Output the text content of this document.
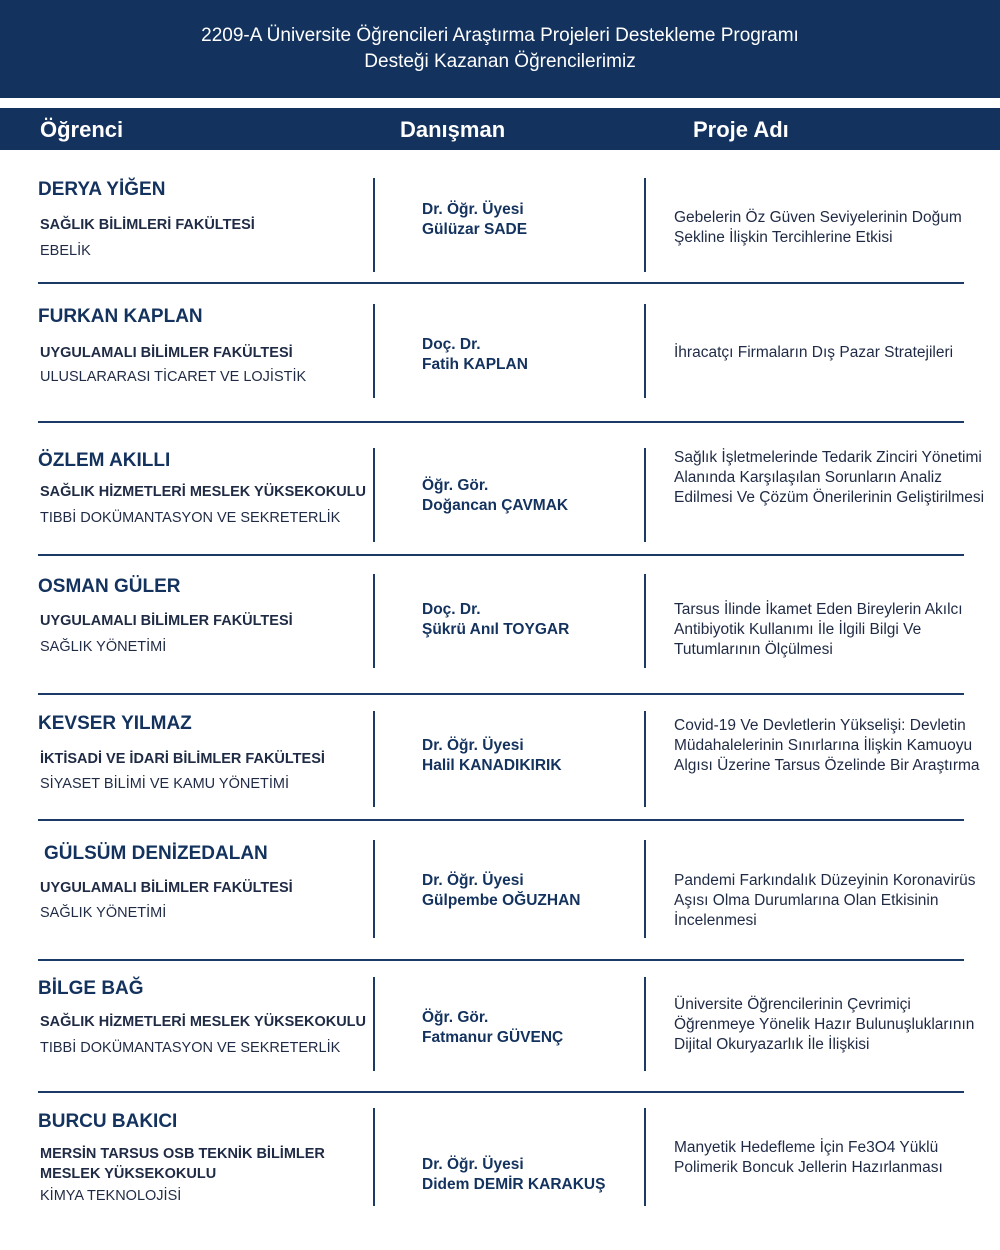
2209-A Üniversite Öğrencileri Araştırma Projeleri Destekleme Programı
Desteği Kazanan Öğrencilerimiz
Öğrenci	Danışman	Proje Adı
DERYA YİĞEN
SAĞLIK BİLİMLERİ FAKÜLTESİ
EBELİK
Dr. Öğr. Üyesi
Gülüzar SADE
Gebelerin Öz Güven Seviyelerinin Doğum Şekline İlişkin Tercihlerine Etkisi
FURKAN KAPLAN
UYGULAMALI BİLİMLER FAKÜLTESİ
ULUSLARARASI TİCARET VE LOJİSTİK
Doç. Dr.
Fatih KAPLAN
İhracatçı Firmaların Dış Pazar Stratejileri
ÖZLEM AKILLI
SAĞLIK HİZMETLERİ MESLEK YÜKSEKOKULU
TIBBİ DOKÜMANTASYON VE SEKRETERLİK
Öğr. Gör.
Doğancan ÇAVMAK
Sağlık İşletmelerinde Tedarik Zinciri Yönetimi Alanında Karşılaşılan Sorunların Analiz Edilmesi Ve Çözüm Önerilerinin Geliştirilmesi
OSMAN GÜLER
UYGULAMALI BİLİMLER FAKÜLTESİ
SAĞLIK YÖNETİMİ
Doç. Dr.
Şükrü Anıl TOYGAR
Tarsus İlinde İkamet Eden Bireylerin Akılcı Antibiyotik Kullanımı İle İlgili Bilgi Ve Tutumlarının Ölçülmesi
KEVSER YILMAZ
İKTİSADİ VE İDARİ BİLİMLER FAKÜLTESİ
SİYASET BİLİMİ VE KAMU YÖNETİMİ
Dr. Öğr. Üyesi
Halil KANADIKIRIK
Covid-19 Ve Devletlerin Yükselişi: Devletin Müdahalelerinin Sınırlarına İlişkin Kamuoyu Algısı Üzerine Tarsus Özelinde Bir Araştırma
GÜLSÜM DENİZEDALAN
UYGULAMALI BİLİMLER FAKÜLTESİ
SAĞLIK YÖNETİMİ
Dr. Öğr. Üyesi
Gülpembe OĞUZHAN
Pandemi Farkındalık Düzeyinin Koronavirüs Aşısı Olma Durumlarına Olan Etkisinin İncelenmesi
BİLGE BAĞ
SAĞLIK HİZMETLERİ MESLEK YÜKSEKOKULU
TIBBİ DOKÜMANTASYON VE SEKRETERLİK
Öğr. Gör.
Fatmanur GÜVENÇ
Üniversite Öğrencilerinin Çevrimiçi Öğrenmeye Yönelik Hazır Bulunuşluklarının Dijital Okuryazarlık İle İlişkisi
BURCU BAKICI
MERSİN TARSUS OSB TEKNİK BİLİMLER MESLEK YÜKSEKOKULU
KİMYA TEKNOLOJİSİ
Dr. Öğr. Üyesi
Didem DEMİR KARAKUŞ
Manyetik Hedefleme İçin Fe3O4 Yüklü Polimerik Boncuk Jellerin Hazırlanması
